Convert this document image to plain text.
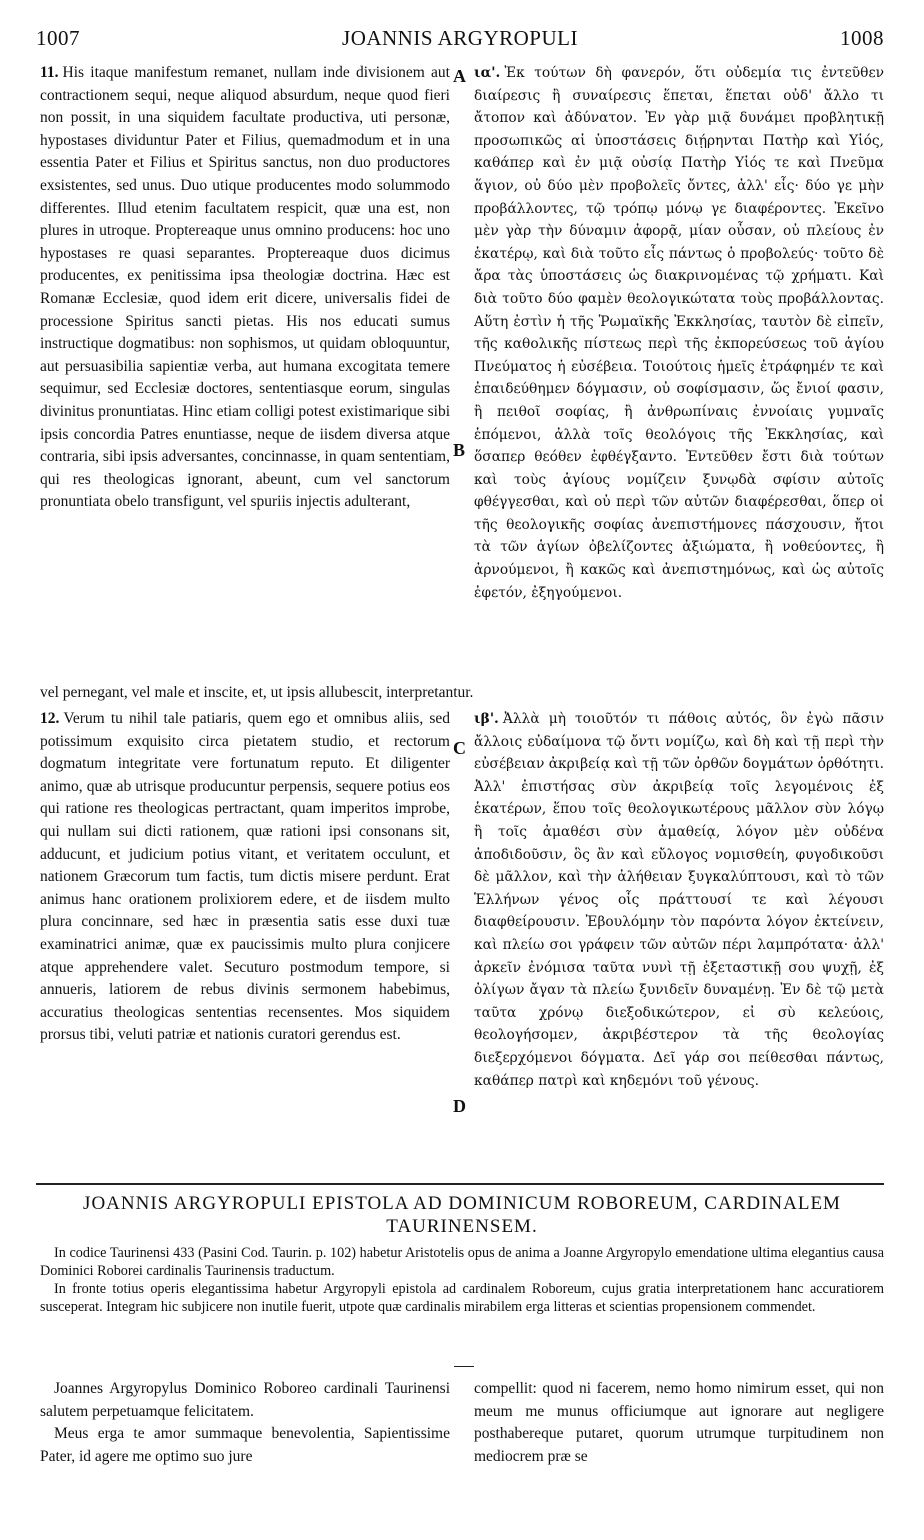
1007	JOANNIS ARGYROPULI	1008

11. His itaque manifestum remanet, nullam inde divisionem aut contractionem sequi, neque aliquod absurdum, neque quod fieri non possit, in una siquidem facultate productiva, uti personæ, hypostases dividuntur Pater et Filius, quemadmodum et in una essentia Pater et Filius et Spiritus sanctus, non duo productores exsistentes, sed unus. Duo utique producentes modo solummodo differentes. Illud etenim facultatem respicit, quæ una est, non plures in utroque. Proptereaque unus omnino producens: hoc uno hypostases re quasi separantes. Proptereaque duos dicimus producentes, ex penitissima ipsa theologiæ doctrina. Hæc est Romanæ Ecclesiæ, quod idem erit dicere, universalis fidei de processione Spiritus sancti pietas. His nos educati sumus instructique dogmatibus: non sophismos, ut quidam obloquuntur, aut persuasibilia sapientiæ verba, aut humana excogitata temere sequimur, sed Ecclesiæ doctores, sententiasque eorum, singulas divinitus pronuntiatas. Hinc etiam colligi potest existimarique sibi ipsis concordia Patres enuntiasse, neque de iisdem diversa atque contraria, sibi ipsis adversantes, concinnasse, in quam sententiam, qui res theologicas ignorant, abeunt, cum vel sanctorum pronuntiata obelo transfigunt, vel spuriis injectis adulterant,

ια'. Ἐκ τούτων δὴ φανερόν, ὅτι οὐδεμία τις ἐντεῦθεν διαίρεσις ἢ συναίρεσις ἕπεται, ἕπεται οὐδ' ἄλλο τι ἄτοπον καὶ ἀδύνατον. Ἐν γὰρ μιᾷ δυνάμει προβλητικῇ προσωπικῶς αἱ ὑποστάσεις διῄρηνται Πατὴρ καὶ Υἱός, καθάπερ καὶ ἐν μιᾷ οὐσίᾳ Πατὴρ Υἱός τε καὶ Πνεῦμα ἅγιον, οὐ δύο μὲν προβολεῖς ὄντες, ἀλλ' εἷς· δύο γε μὴν προβάλλοντες, τῷ τρόπῳ μόνῳ γε διαφέροντες. Ἐκεῖνο μὲν γὰρ τὴν δύναμιν ἀφορᾷ, μίαν οὖσαν, οὐ πλείους ἐν ἑκατέρῳ, καὶ διὰ τοῦτο εἷς πάντως ὁ προβολεύς· τοῦτο δὲ ἄρα τὰς ὑποστάσεις ὡς διακρινομένας τῷ χρήματι. Καὶ διὰ τοῦτο δύο φαμὲν θεολογικώτατα τοὺς προβάλλοντας. Αὕτη ἐστὶν ἡ τῆς Ῥωμαϊκῆς Ἐκκλησίας, ταυτὸν δὲ εἰπεῖν, τῆς καθολικῆς πίστεως περὶ τῆς ἐκπορεύσεως τοῦ ἁγίου Πνεύματος ἡ εὐσέβεια. Τοιούτοις ἡμεῖς ἐτράφημέν τε καὶ ἐπαιδεύθημεν δόγμασιν, οὐ σοφίσμασιν, ὥς ἔνιοί φασιν, ἢ πειθοῖ σοφίας, ἢ ἀνθρωπίναις ἐννοίαις γυμναῖς ἑπόμενοι, ἀλλὰ τοῖς θεολόγοις τῆς Ἐκκλησίας, καὶ ὅσαπερ θεόθεν ἐφθέγξαντο. Ἐντεῦθεν ἔστι διὰ τούτων καὶ τοὺς ἁγίους νομίζειν ξυνῳδὰ σφίσιν αὐτοῖς φθέγγεσθαι, καὶ οὐ περὶ τῶν αὐτῶν διαφέρεσθαι, ὅπερ οἱ τῆς θεολογικῆς σοφίας ἀνεπιστήμονες πάσχουσιν, ἤτοι τὰ τῶν ἁγίων ὀβελίζοντες ἀξιώματα, ἢ νοθεύοντες, ἢ ἀρνούμενοι, ἢ κακῶς καὶ ἀνεπιστημόνως, καὶ ὡς αὐτοῖς ἐφετόν, ἐξηγούμενοι.

vel pernegant, vel male et inscite, et, ut ipsis allubescit, interpretantur.

12. Verum tu nihil tale patiaris, quem ego et omnibus aliis, sed potissimum exquisito circa pietatem studio, et rectorum dogmatum integritate vere fortunatum reputo. Et diligenter animo, quæ ab utrisque producuntur perpensis, sequere potius eos qui ratione res theologicas pertractant, quam imperitos improbe, qui nullam sui dicti rationem, quæ rationi ipsi consonans sit, adducunt, et judicium potius vitant, et veritatem occulunt, et nationem Græcorum tum factis, tum dictis misere perdunt. Erat animus hanc orationem prolixiorem edere, et de iisdem multo plura concinnare, sed hæc in præsentia satis esse duxi tuæ examinatrici animæ, quæ ex paucissimis multo plura conjicere atque apprehendere valet. Secuturo postmodum tempore, si annueris, latiorem de rebus divinis sermonem habebimus, accuratius theologicas sententias recensentes. Mos siquidem prorsus tibi, veluti patriæ et nationis curatori gerendus est.

ιβ'. Ἀλλὰ μὴ τοιοῦτόν τι πάθοις αὐτός, ὃν ἐγὼ πᾶσιν ἄλλοις εὐδαίμονα τῷ ὄντι νομίζω, καὶ δὴ καὶ τῇ περὶ τὴν εὐσέβειαν ἀκριβείᾳ καὶ τῇ τῶν ὀρθῶν δογμάτων ὀρθότητι. Ἀλλ' ἐπιστήσας σὺν ἀκριβείᾳ τοῖς λεγομένοις ἐξ ἑκατέρων, ἕπου τοῖς θεολογικωτέρους μᾶλλον σὺν λόγῳ ἢ τοῖς ἀμαθέσι σὺν ἀμαθείᾳ, λόγον μὲν οὐδένα ἀποδιδοῦσιν, ὃς ἂν καὶ εὔλογος νομισθείη, φυγοδικοῦσι δὲ μᾶλλον, καὶ τὴν ἀλήθειαν ξυγκαλύπτουσι, καὶ τὸ τῶν Ἑλλήνων γένος οἷς πράττουσί τε καὶ λέγουσι διαφθείρουσιν. Ἐβουλόμην τὸν παρόντα λόγον ἐκτείνειν, καὶ πλείω σοι γράφειν τῶν αὐτῶν πέρι λαμπρότατα· ἀλλ' ἀρκεῖν ἐνόμισα ταῦτα νυνὶ τῇ ἐξεταστικῇ σου ψυχῇ, ἐξ ὀλίγων ἄγαν τὰ πλείω ξυνιδεῖν δυναμένῃ. Ἐν δὲ τῷ μετὰ ταῦτα χρόνῳ διεξοδικώτερον, εἰ σὺ κελεύοις, θεολογήσομεν, ἀκριβέστερον τὰ τῆς θεολογίας διεξερχόμενοι δόγματα. Δεῖ γάρ σοι πείθεσθαι πάντως, καθάπερ πατρὶ καὶ κηδεμόνι τοῦ γένους.

A
B
C
D
JOANNIS ARGYROPULI EPISTOLA AD DOMINICUM ROBOREUM, CARDINALEM TAURINENSEM.

In codice Taurinensi 433 (Pasini Cod. Taurin. p. 102) habetur Aristotelis opus de anima a Joanne Argyropylo emendatione ultima elegantius causa Dominici Roborei cardinalis Taurinensis traductum.

In fronte totius operis elegantissima habetur Argyropyli epistola ad cardinalem Roboreum, cujus gratia interpretationem hanc accuratiorem susceperat. Integram hic subjicere non inutile fuerit, utpote quæ cardinalis mirabilem erga litteras et scientias propensionem commendet.

Joannes Argyropylus Dominico Roboreo cardinali Taurinensi salutem perpetuamque felicitatem.

Meus erga te amor summaque benevolentia, Sapientissime Pater, id agere me optimo suo jure

compellit: quod ni facerem, nemo homo nimirum esset, qui non meum me munus officiumque aut ignorare aut negligere posthabereque putaret, quorum utrumque turpitudinem non mediocrem præ se
